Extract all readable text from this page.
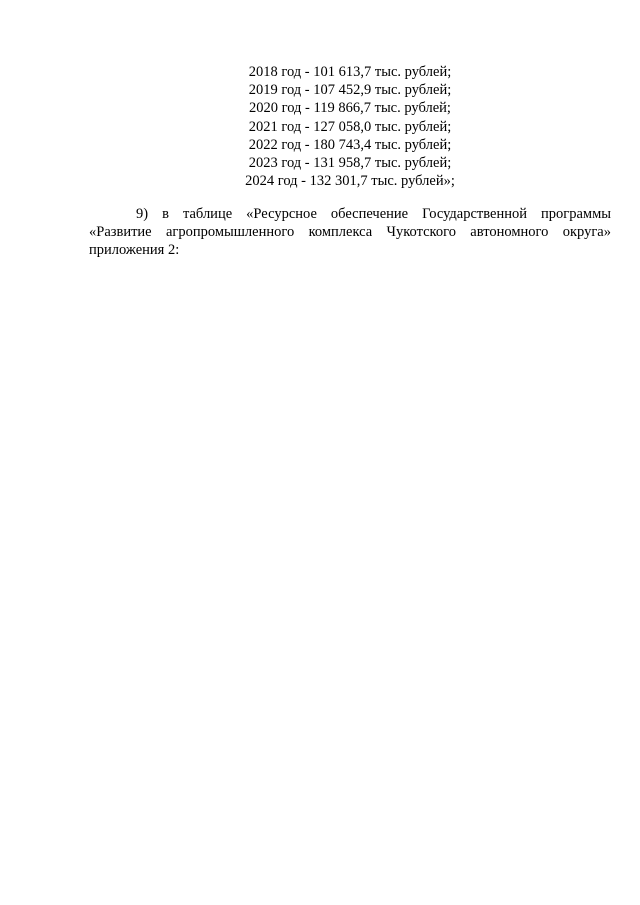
2018 год - 101 613,7 тыс. рублей;
2019 год - 107 452,9 тыс. рублей;
2020 год - 119 866,7 тыс. рублей;
2021 год - 127 058,0 тыс. рублей;
2022 год - 180 743,4 тыс. рублей;
2023 год - 131 958,7 тыс. рублей;
2024 год - 132 301,7 тыс. рублей»;

9) в таблице «Ресурсное обеспечение Государственной программы
«Развитие агропромышленного комплекса Чукотского автономного округа»
приложения 2:
